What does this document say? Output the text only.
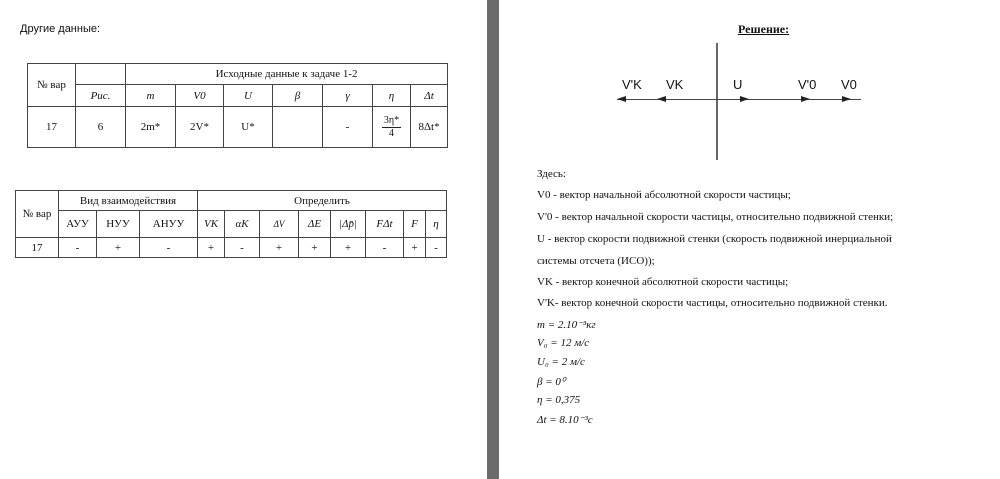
Другие данные:
№ вар		Исходные данные к задаче 1-2						
	Рис.	m	V0	U	β	γ	η	Δt
17	6	2m*	2V*	U*		-	$\frac{3\eta*}{4}$	8Δt*
№ вар	Вид взаимодействия			Определить							
	АУУ	НУУ	АНУУ	VK	αK	ΔV	ΔE	|Δp̄|	FΔt	F	η
17	-	+	-	+	-	+	+	+	-	+	-
Решение:
V'K VK	U	V'0 V0
Здесь:
V0 - вектор начальной абсолютной скорости частицы;
V'0 - вектор начальной скорости частицы, относительно подвижной стенки;
U - вектор скорости подвижной стенки (скорость подвижной инерциальной
системы отсчета (ИСО));
VK - вектор конечной абсолютной скорости частицы;
V'K- вектор конечной скорости частицы, относительно подвижной стенки.
m = 2.10⁻³кг
V₀ = 12 м/с
U₀ = 2 м/с
β = 0⁰
η = 0,375
Δt = 8.10⁻³с
